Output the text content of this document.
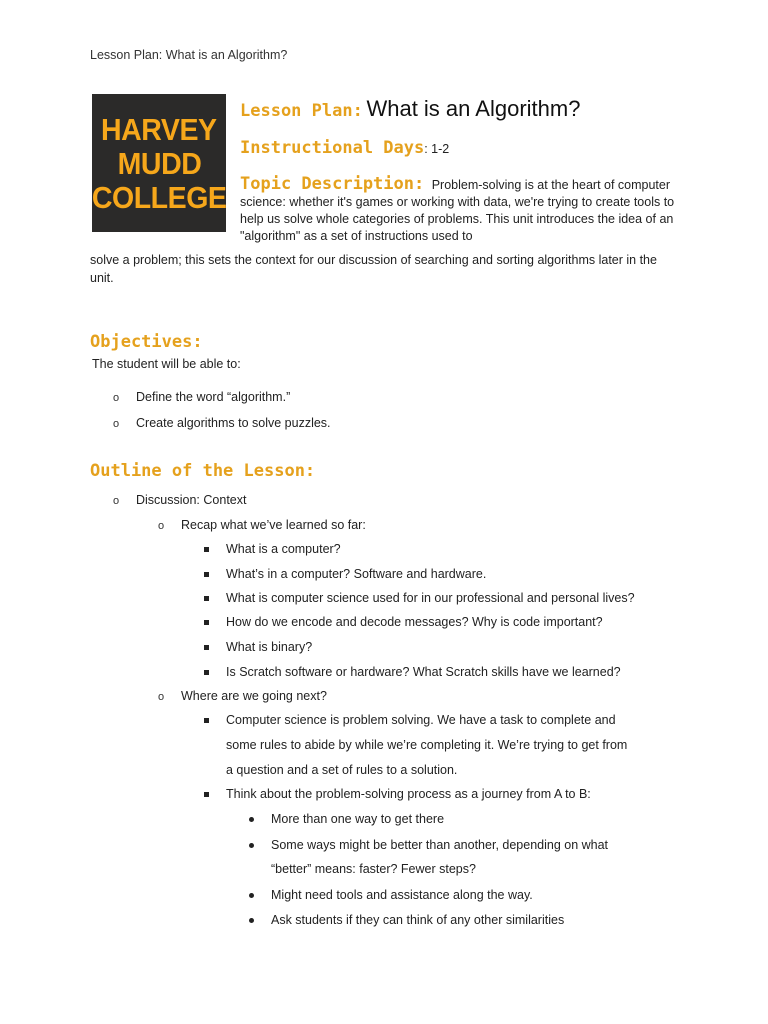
Lesson Plan: What is an Algorithm?
HARVEY
MUDD
COLLEGE
Lesson Plan: What is an Algorithm?
Instructional Days: 1-2
Topic Description: Problem-solving is at the heart of computer science: whether it's games or working with data, we're trying to create tools to help us solve whole categories of problems. This unit introduces the idea of an "algorithm" as a set of instructions used to
solve a problem; this sets the context for our discussion of searching and sorting algorithms later in the unit.
Objectives:
The student will be able to:
o Define the word “algorithm.”
o Create algorithms to solve puzzles.
Outline of the Lesson:
o Discussion: Context
o Recap what we’ve learned so far:
What is a computer?
What’s in a computer? Software and hardware.
What is computer science used for in our professional and personal lives?
How do we encode and decode messages? Why is code important?
What is binary?
Is Scratch software or hardware? What Scratch skills have we learned?
o Where are we going next?
Computer science is problem solving. We have a task to complete and
some rules to abide by while we’re completing it. We’re trying to get from
a question and a set of rules to a solution.
Think about the problem-solving process as a journey from A to B:
More than one way to get there
Some ways might be better than another, depending on what
“better” means: faster? Fewer steps?
Might need tools and assistance along the way.
Ask students if they can think of any other similarities
